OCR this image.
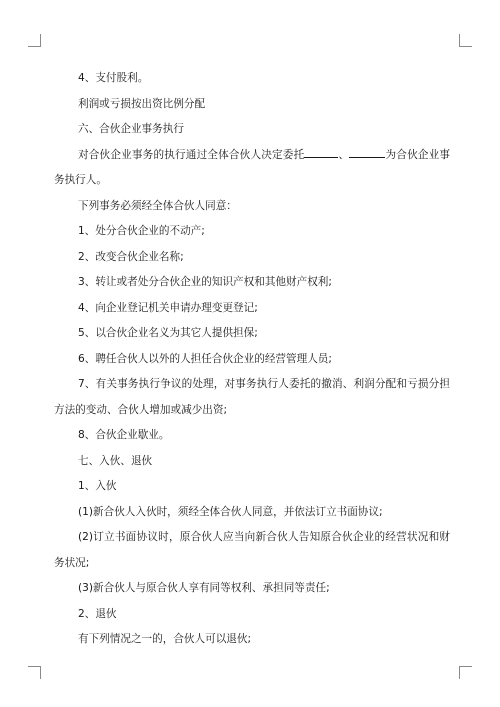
4、支付股利。

利润或亏损按出资比例分配

六、合伙企业事务执行

对合伙企业事务的执行通过全体合伙人决定委托	、	为合伙企业事务执行人。

下列事务必须经全体合伙人同意：

1、处分合伙企业的不动产;

2、改变合伙企业名称;

3、转让或者处分合伙企业的知识产权和其他财产权利;

4、向企业登记机关申请办理变更登记;

5、以合伙企业名义为其它人提供担保;

6、聘任合伙人以外的人担任合伙企业的经营管理人员;

7、有关事务执行争议的处理，对事务执行人委托的撤消、利润分配和亏损分担方法的变动、合伙人增加或减少出资;

8、合伙企业歇业。

七、入伙、退伙

1、入伙

(1)新合伙人入伙时，须经全体合伙人同意，并依法订立书面协议;

(2)订立书面协议时，原合伙人应当向新合伙人告知原合伙企业的经营状况和财务状况;

(3)新合伙人与原合伙人享有同等权利、承担同等责任;

2、退伙

有下列情况之一的，合伙人可以退伙;
